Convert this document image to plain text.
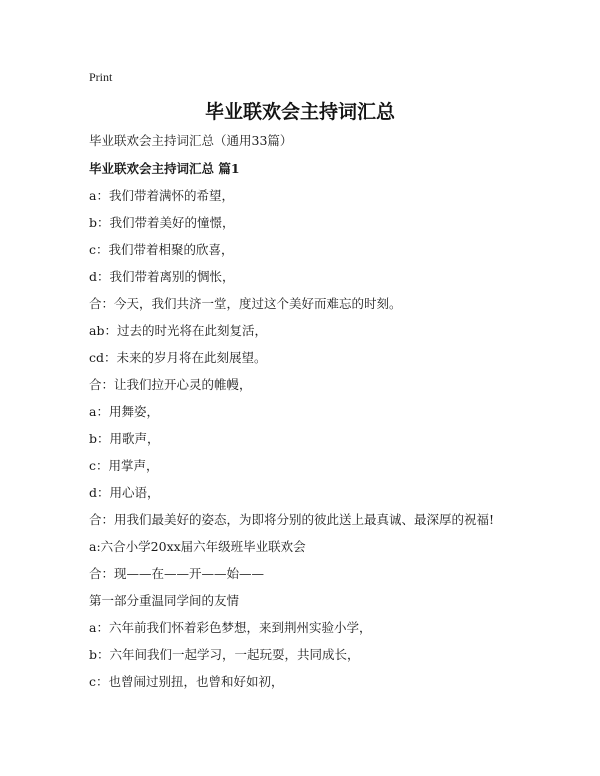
Print
毕业联欢会主持词汇总
毕业联欢会主持词汇总（通用33篇）
毕业联欢会主持词汇总 篇1
a：我们带着满怀的希望，
b：我们带着美好的憧憬，
c：我们带着相聚的欣喜，
d：我们带着离别的惆怅，
合：今天，我们共济一堂，度过这个美好而难忘的时刻。
ab：过去的时光将在此刻复活，
cd：未来的岁月将在此刻展望。
合：让我们拉开心灵的帷幔，
a：用舞姿，
b：用歌声，
c：用掌声，
d：用心语，
合：用我们最美好的姿态，为即将分别的彼此送上最真诚、最深厚的祝福!
a:六合小学20xx届六年级班毕业联欢会
合：现——在——开——始——
第一部分重温同学间的友情
a：六年前我们怀着彩色梦想，来到荆州实验小学，
b：六年间我们一起学习，一起玩耍，共同成长，
c：也曾闹过别扭，也曾和好如初，
